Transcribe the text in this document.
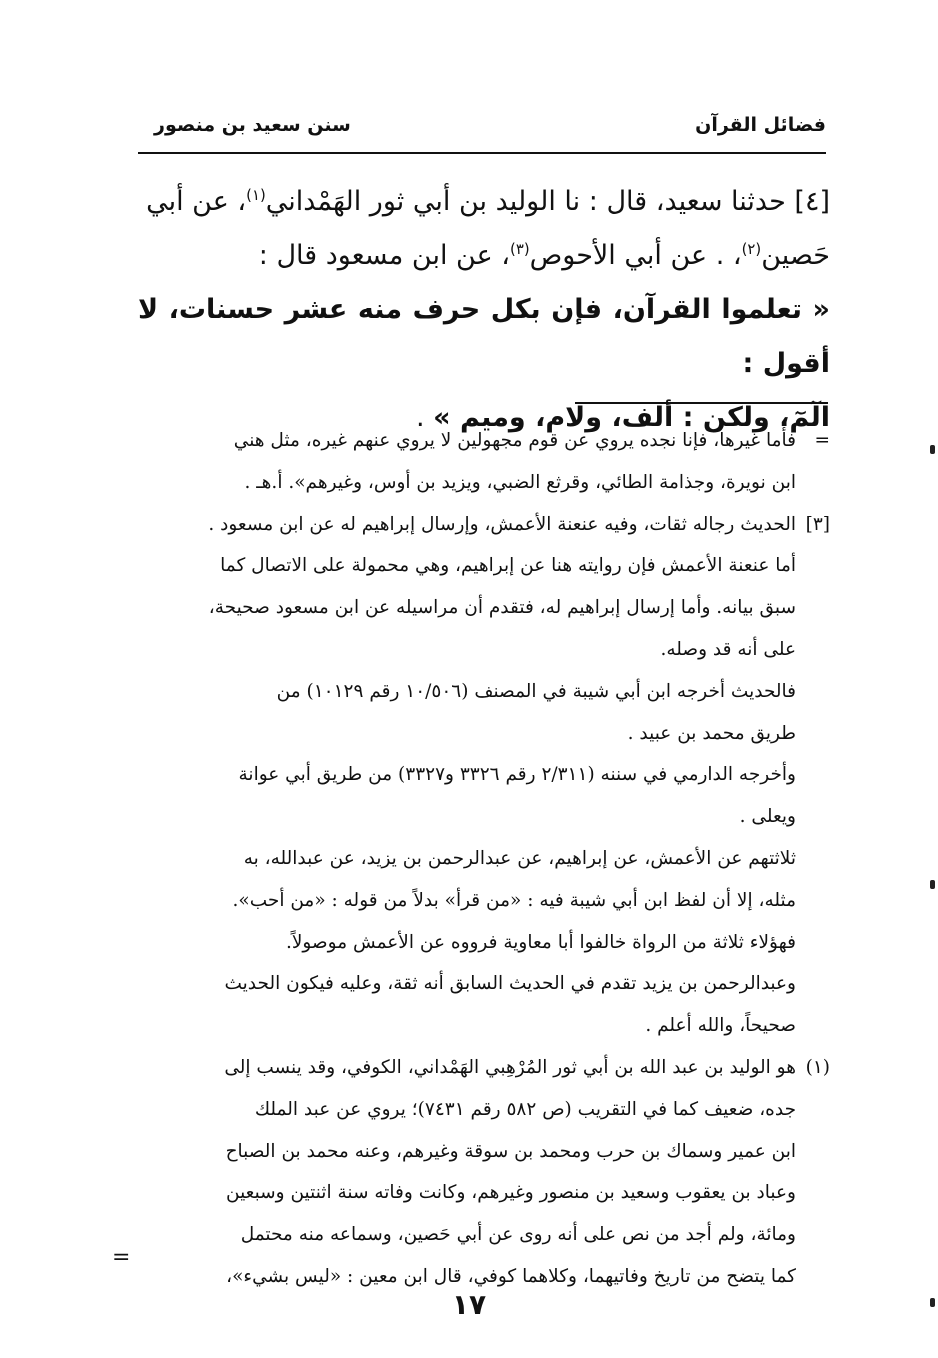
فضائل القرآن
سنن سعيد بن منصور

[٤] حدثنا سعيد، قال : نا الوليد بن أبي ثور الهَمْداني$^{(١)}$، عن أبي

حَصين$^{(٢)}$، . عن أبي الأحوص$^{(٣)}$، عن ابن مسعود قال :

« تعلموا القرآن، فإن بكل حرف منه عشر حسنات، لا أقول :

الٓمٓ، ولكن : ألف، ولام، وميم » .

=

فأما غيرها، فإنا نجده يروي عن قوم مجهولين لا يروي عنهم غيره، مثل هني

ابن نويرة، وجذامة الطائي، وقرثع الضبي، ويزيد بن أوس، وغيرهم». أ.هـ .

[٣]

الحديث رجاله ثقات، وفيه عنعنة الأعمش، وإرسال إبراهيم له عن ابن مسعود .

أما عنعنة الأعمش فإن روايته هنا عن إبراهيم، وهي محمولة على الاتصال كما

سبق بيانه. وأما إرسال إبراهيم له، فتقدم أن مراسيله عن ابن مسعود صحيحة،

على أنه قد وصله.

فالحديث أخرجه ابن أبي شيبة في المصنف (١٠/٥٠٦ رقم ١٠١٢٩) من

طريق محمد بن عبيد .

وأخرجه الدارمي في سننه (٢/٣١١ رقم ٣٣٢٦ و٣٣٢٧) من طريق أبي عوانة

ويعلى .

ثلاثتهم عن الأعمش، عن إبراهيم، عن عبدالرحمن بن يزيد، عن عبدالله، به

مثله، إلا أن لفظ ابن أبي شيبة فيه : «من قرأ» بدلاً من قوله : «من أحب».

فهؤلاء ثلاثة من الرواة خالفوا أبا معاوية فرووه عن الأعمش موصولاً.

وعبدالرحمن بن يزيد تقدم في الحديث السابق أنه ثقة، وعليه فيكون الحديث

صحيحاً، والله أعلم .

(١)

هو الوليد بن عبد الله بن أبي ثور المُرْهِبي الهَمْداني، الكوفي، وقد ينسب إلى

جده، ضعيف كما في التقريب (ص ٥٨٢ رقم ٧٤٣١)؛ يروي عن عبد الملك

ابن عمير وسماك بن حرب ومحمد بن سوقة وغيرهم، وعنه محمد بن الصباح

وعباد بن يعقوب وسعيد بن منصور وغيرهم، وكانت وفاته سنة اثنتين وسبعين

ومائة، ولم أجد من نص على أنه روى عن أبي حَصين، وسماعه منه محتمل

كما يتضح من تاريخ وفاتيهما، وكلاهما كوفي، قال ابن معين : «ليس بشيء»،

=
١٧
